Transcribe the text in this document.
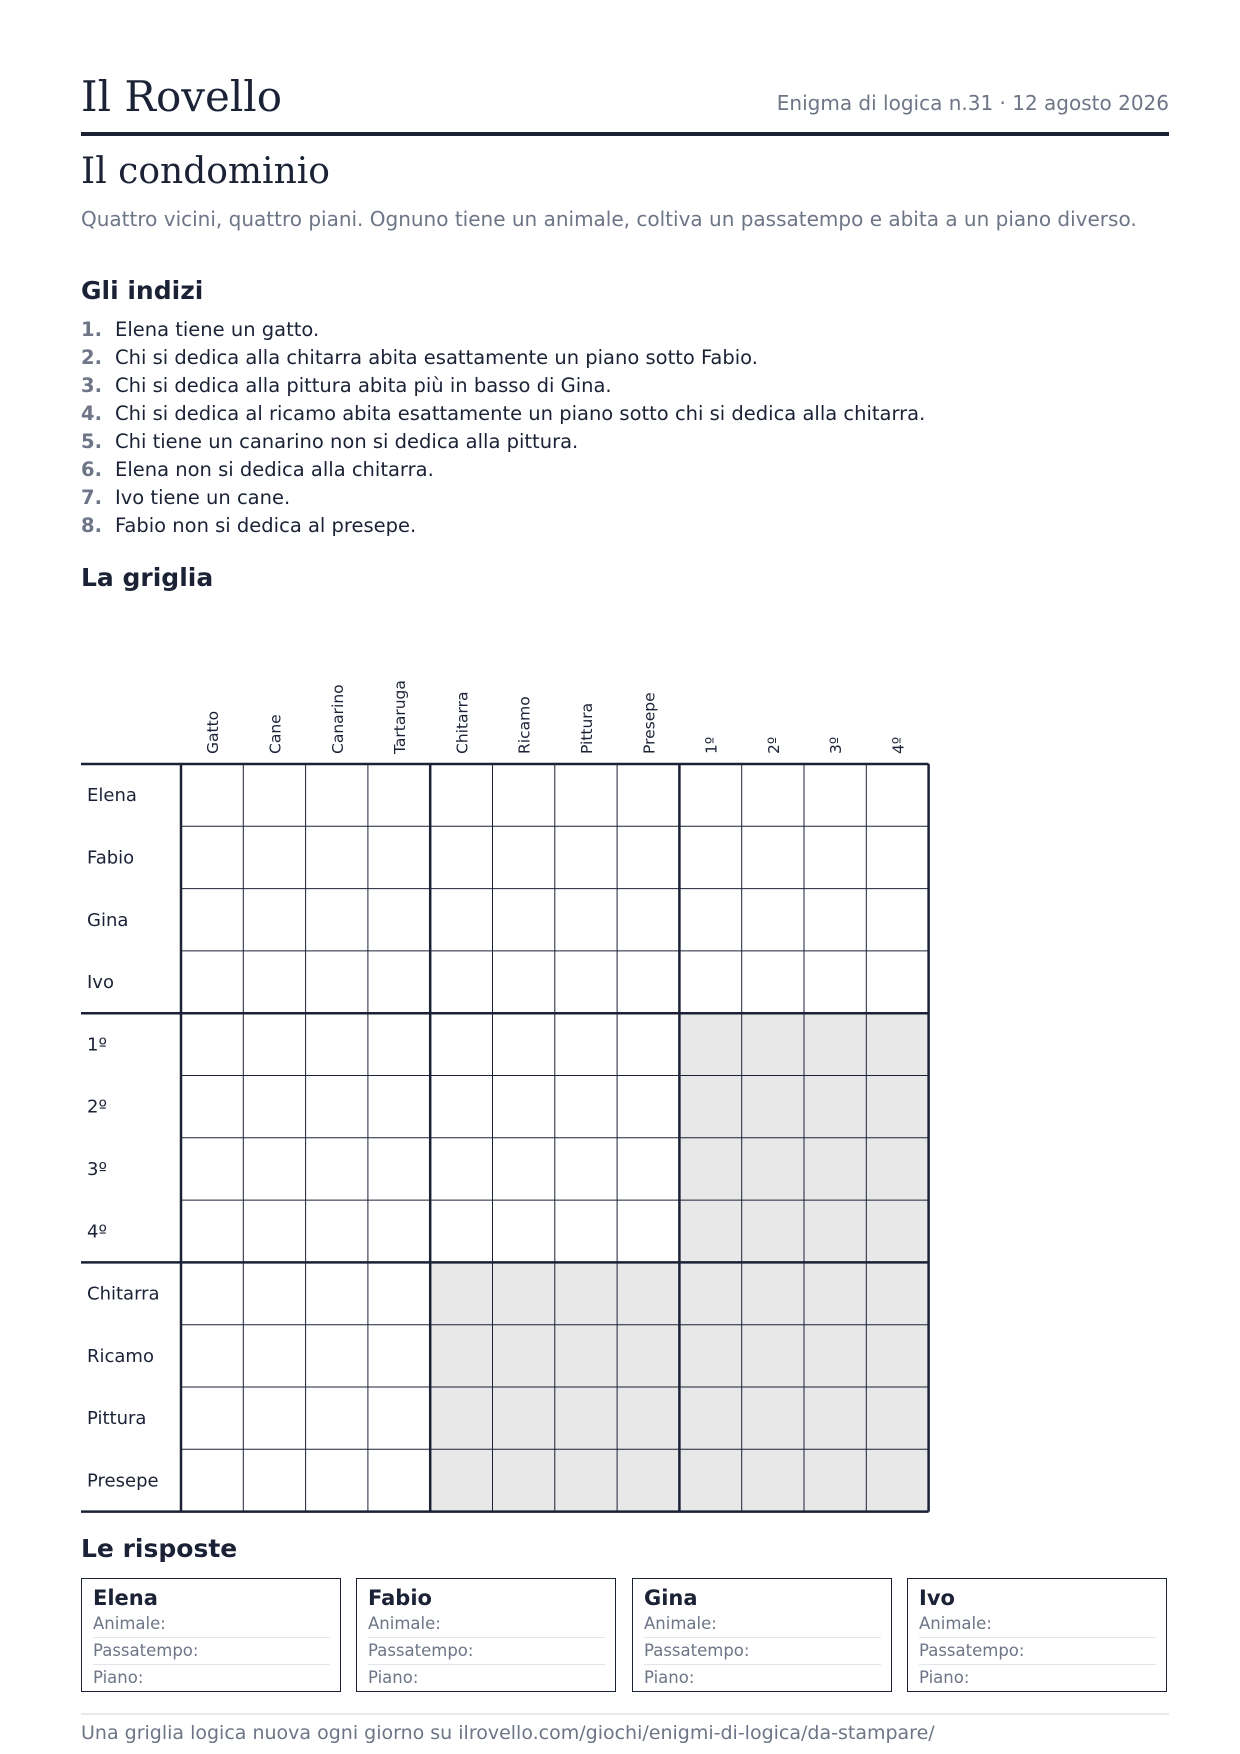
Il Rovello	Enigma di logica n.31 · 12 agosto 2026
Il condominio
Quattro vicini, quattro piani. Ognuno tiene un animale, coltiva un passatempo e abita a un piano diverso.
Gli indizi
1. Elena tiene un gatto.
2. Chi si dedica alla chitarra abita esattamente un piano sotto Fabio.
3. Chi si dedica alla pittura abita più in basso di Gina.
4. Chi si dedica al ricamo abita esattamente un piano sotto chi si dedica alla chitarra.
5. Chi tiene un canarino non si dedica alla pittura.
6. Elena non si dedica alla chitarra.
7. Ivo tiene un cane.
8. Fabio non si dedica al presepe.
La griglia
Gatto	Cane	Canarino	Tartaruga	Chitarra	Ricamo	Pittura	Presepe	1º	2º	3º	4º
Elena
Fabio
Gina
Ivo
1º
2º
3º
4º
Chitarra
Ricamo
Pittura
Presepe
Le risposte
Elena
Animale:
Passatempo:
Piano:
Fabio
Animale:
Passatempo:
Piano:
Gina
Animale:
Passatempo:
Piano:
Ivo
Animale:
Passatempo:
Piano:
Una griglia logica nuova ogni giorno su ilrovello.com/giochi/enigmi-di-logica/da-stampare/
